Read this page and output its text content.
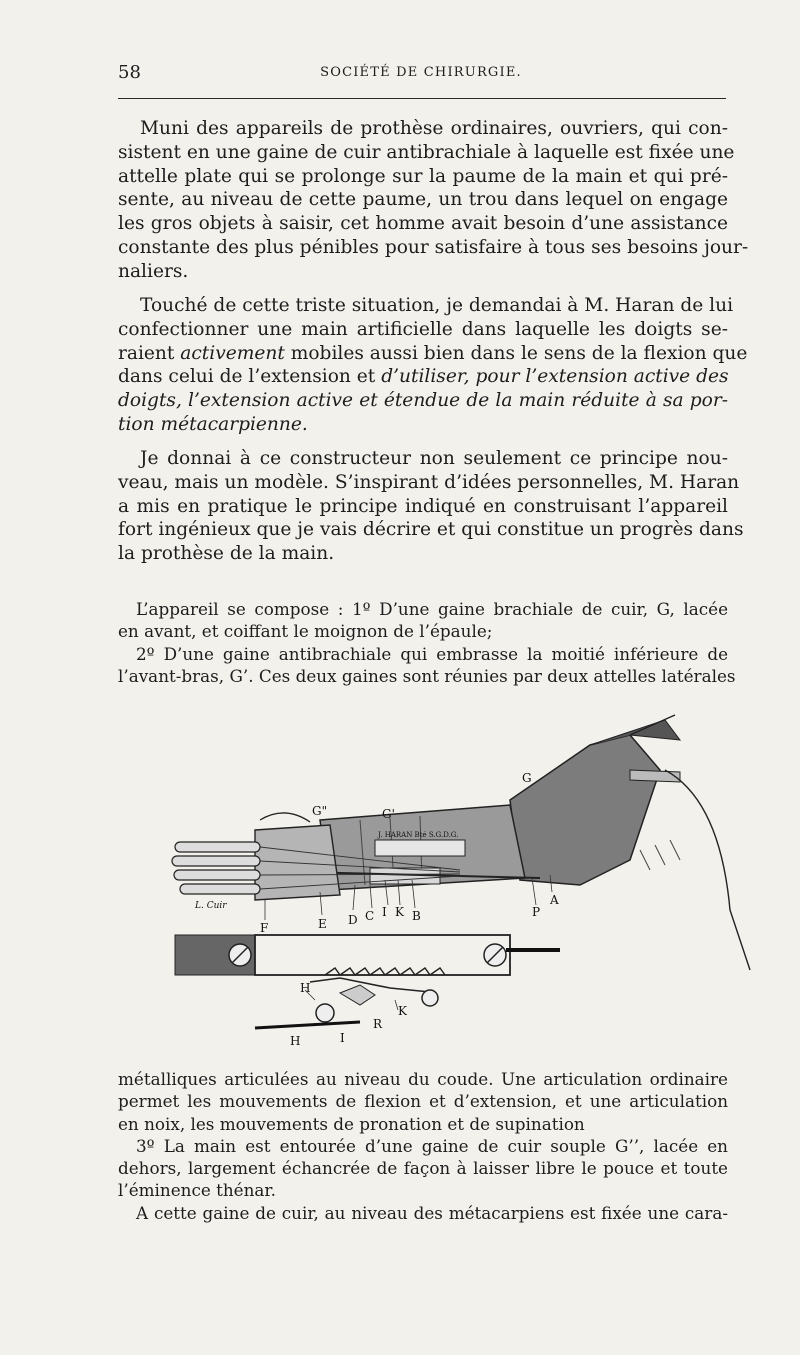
58	SOCIÉTÉ DE CHIRURGIE.
Muni des appareils de prothèse ordinaires, ouvriers, qui con-
sistent en une gaine de cuir antibrachiale à laquelle est fixée une
attelle plate qui se prolonge sur la paume de la main et qui pré-
sente, au niveau de cette paume, un trou dans lequel on engage
les gros objets à saisir, cet homme avait besoin d’une assistance
constante des plus pénibles pour satisfaire à tous ses besoins jour-
naliers.
Touché de cette triste situation, je demandai à M. Haran de lui
confectionner une main artificielle dans laquelle les doigts se-
raient activement mobiles aussi bien dans le sens de la flexion que
dans celui de l’extension et d’utiliser, pour l’extension active des
doigts, l’extension active et étendue de la main réduite à sa por-
tion métacarpienne.
Je donnai à ce constructeur non seulement ce principe nou-
veau, mais un modèle. S’inspirant d’idées personnelles, M. Haran
a mis en pratique le principe indiqué en construisant l’appareil
fort ingénieux que je vais décrire et qui constitue un progrès dans
la prothèse de la main.
L’appareil se compose : 1º D’une gaine brachiale de cuir, G, lacée
en avant, et coiffant le moignon de l’épaule;
2º D’une gaine antibrachiale qui embrasse la moitié inférieure de
l’avant-bras, G’. Ces deux gaines sont réunies par deux attelles latérales
G
G"	G'
J. HARAN Bté S.G.D.G.
L. Cuir
F	E D C I K B	P
A
H
K
R
H	I
métalliques articulées au niveau du coude. Une articulation ordinaire
permet les mouvements de flexion et d’extension, et une articulation
en noix, les mouvements de pronation et de supination
3º La main est entourée d’une gaine de cuir souple G’’, lacée en
dehors, largement échancrée de façon à laisser libre le pouce et toute
l’éminence thénar.
A cette gaine de cuir, au niveau des métacarpiens est fixée une cara-
